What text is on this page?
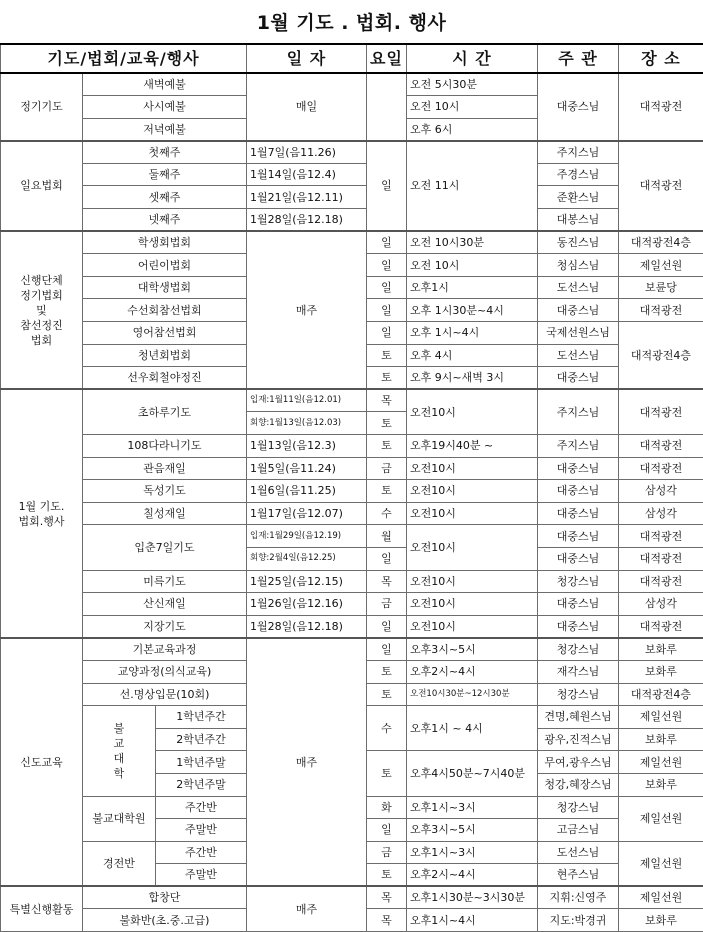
1월 기도 . 법회. 행사
기도/법회/교육/행사			일 자	요일	시 간	주 관	장 소
정기기도	새벽예불		매일		오전 5시30분	대중스님	대적광전
	사시예불				오전 10시		
	저녁예불				오후 6시		
일요법회	첫째주		1월7일(음11.26)	일	오전 11시	주지스님	대적광전
	둘째주		1월14일(음12.4)			주경스님	
	셋째주		1월21일(음12.11)			준환스님	
	넷째주		1월28일(음12.18)			대봉스님	
신행단체
정기법회
및
참선정진
법회	학생회법회		매주	일	오전 10시30분	동진스님	대적광전4층
	어린이법회			일	오전 10시	청심스님	제일선원
	대학생법회			일	오후1시	도선스님	보륜당
	수선회참선법회			일	오후 1시30분~4시	대중스님	대적광전
	영어참선법회			일	오후 1시~4시	국제선원스님	대적광전4층
	청년회법회			토	오후 4시	도선스님	
	선우회철야정진			토	오후 9시~새벽 3시	대중스님	
1월 기도.
법회.행사	초하루기도		입재:1월11일(음12.01)	목	오전10시	주지스님	대적광전
			회향:1월13일(음12.03)	토			
	108다라니기도		1월13일(음12.3)	토	오후19시40분 ~	주지스님	대적광전
	관음재일		1월5일(음11.24)	금	오전10시	대중스님	대적광전
	독성기도		1월6일(음11.25)	토	오전10시	대중스님	삼성각
	칠성재일		1월17일(음12.07)	수	오전10시	대중스님	삼성각
	입춘7일기도		입재:1월29일(음12.19)	월	오전10시	대중스님	대적광전
			회향:2월4일(음12.25)	일		대중스님	대적광전
	미륵기도		1월25일(음12.15)	목	오전10시	청강스님	대적광전
	산신재일		1월26일(음12.16)	금	오전10시	대중스님	삼성각
	지장기도		1월28일(음12.18)	일	오전10시	대중스님	대적광전
신도교육	기본교육과정		매주	일	오후3시~5시	청강스님	보화루
	교양과정(의식교육)			토	오후2시~4시	재각스님	보화루
	선.명상입문(10회)			토	오전10시30분~12시30분	청강스님	대적광전4층
	불
교
대
학	1학년주간		수	오후1시 ~ 4시	견명,혜원스님	제일선원
		2학년주간				광우,진적스님	보화루
		1학년주말		토	오후4시50분~7시40분	무여,광우스님	제일선원
		2학년주말				청강,혜장스님	보화루
	불교대학원	주간반		화	오후1시~3시	청강스님	제일선원
		주말반		일	오후3시~5시	고금스님	
	경전반	주간반		금	오후1시~3시	도선스님	제일선원
		주말반		토	오후2시~4시	현주스님	
특별신행활동	합창단		매주	목	오후1시30분~3시30분	지휘:신영주	제일선원
	불화반(초.중.고급)			목	오후1시~4시	지도:박경귀	보화루
